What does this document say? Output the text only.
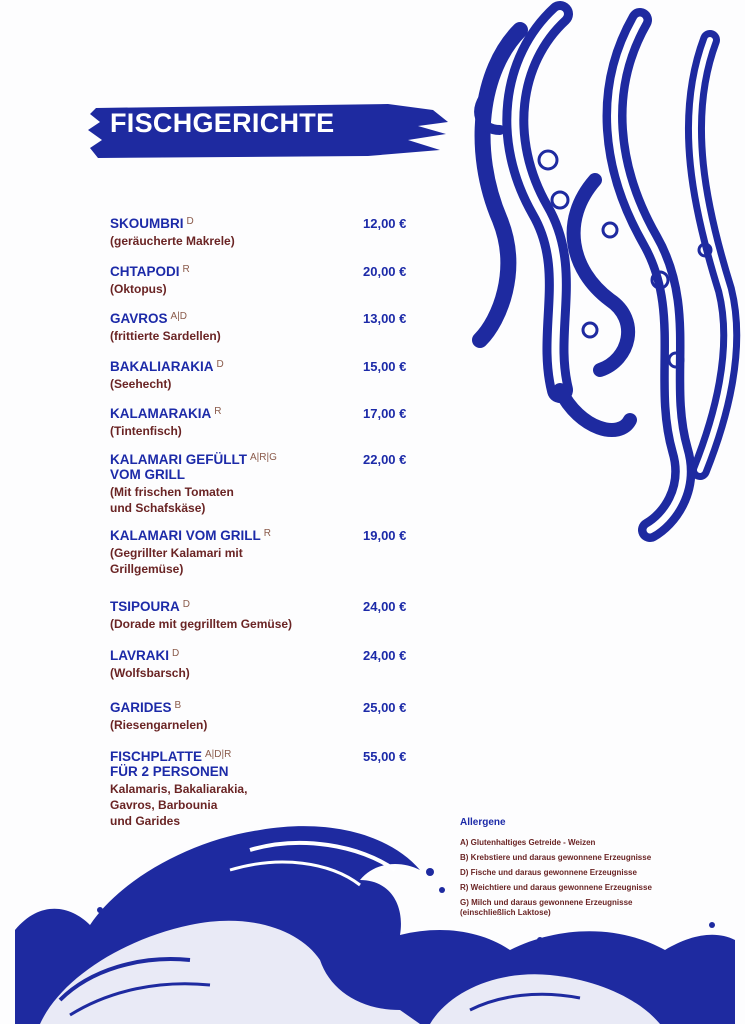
FISCHGERICHTE
SKOUMBRI $^D$
(geräucherte Makrele)
12,00 €
CHTAPODI $^R$
(Oktopus)
20,00 €
GAVROS $^{A|D}$
(frittierte Sardellen)
13,00 €
BAKALIARAKIA $^D$
(Seehecht)
15,00 €
KALAMARAKIA $^R$
(Tintenfisch)
17,00 €
KALAMARI GEFÜLLT $^{A|R|G}$
VOM GRILL
(Mit frischen Tomaten
und Schafskäse)
22,00 €
KALAMARI VOM GRILL $^R$
(Gegrillter Kalamari mit
Grillgemüse)
19,00 €
TSIPOURA $^D$
(Dorade mit gegrilltem Gemüse)
24,00 €
LAVRAKI $^D$
(Wolfsbarsch)
24,00 €
GARIDES $^B$
(Riesengarnelen)
25,00 €
FISCHPLATTE $^{A|D|R}$
FÜR 2 PERSONEN
Kalamaris, Bakaliarakia,
Gavros, Barbounia
und Garides
55,00 €
Allergene
A) Glutenhaltiges Getreide - Weizen
B) Krebstiere und daraus gewonnene Erzeugnisse
D) Fische und daraus gewonnene Erzeugnisse
R) Weichtiere und daraus gewonnene Erzeugnisse
G) Milch und daraus gewonnene Erzeugnisse
(einschließlich Laktose)
